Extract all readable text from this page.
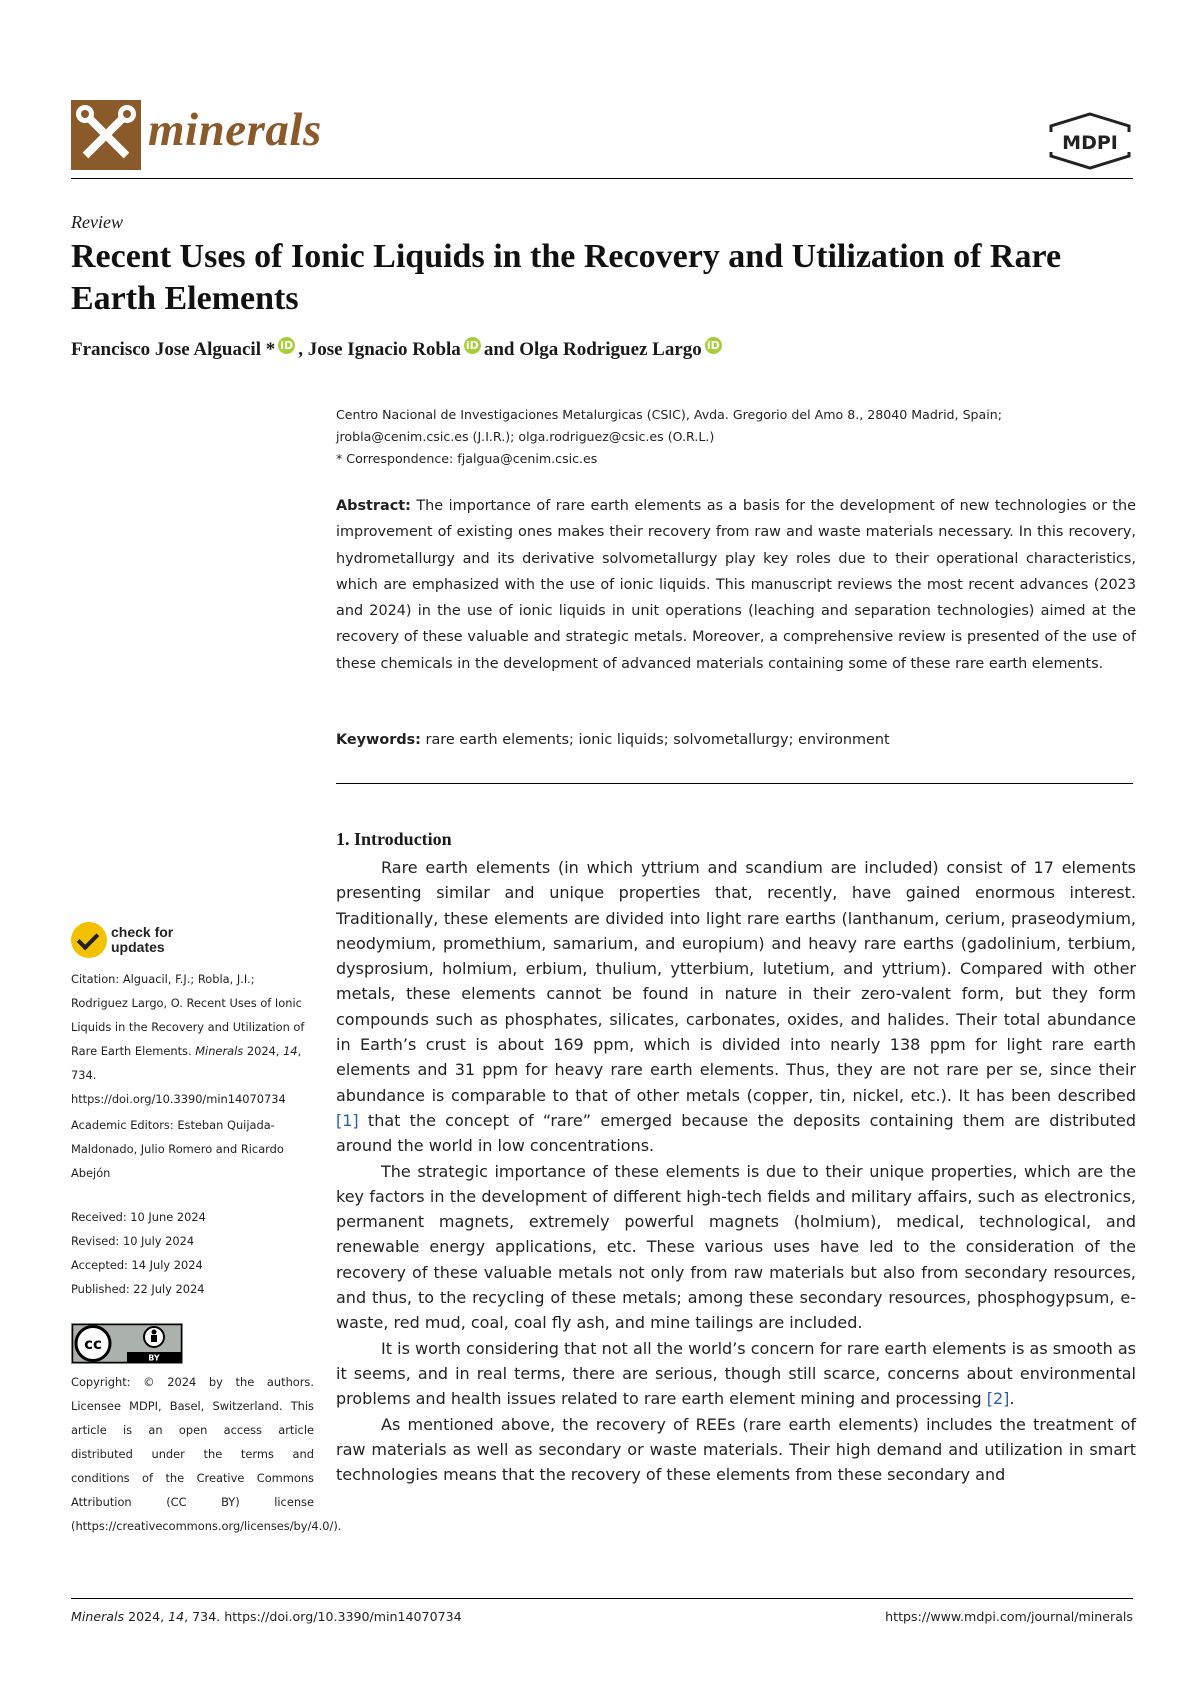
minerals	MDPI
Review
Recent Uses of Ionic Liquids in the Recovery and Utilization of Rare Earth Elements
Francisco Jose Alguacil * iD , Jose Ignacio Robla iD and Olga Rodriguez Largo iD
Centro Nacional de Investigaciones Metalurgicas (CSIC), Avda. Gregorio del Amo 8., 28040 Madrid, Spain;
jrobla@cenim.csic.es (J.I.R.); olga.rodriguez@csic.es (O.R.L.)
* Correspondence: fjalgua@cenim.csic.es
Abstract: The importance of rare earth elements as a basis for the development of new technologies or the improvement of existing ones makes their recovery from raw and waste materials necessary. In this recovery, hydrometallurgy and its derivative solvometallurgy play key roles due to their operational characteristics, which are emphasized with the use of ionic liquids. This manuscript reviews the most recent advances (2023 and 2024) in the use of ionic liquids in unit operations (leaching and separation technologies) aimed at the recovery of these valuable and strategic metals. Moreover, a comprehensive review is presented of the use of these chemicals in the development of advanced materials containing some of these rare earth elements.
Keywords: rare earth elements; ionic liquids; solvometallurgy; environment
1. Introduction

Rare earth elements (in which yttrium and scandium are included) consist of 17 elements presenting similar and unique properties that, recently, have gained enormous interest. Traditionally, these elements are divided into light rare earths (lanthanum, cerium, praseodymium, neodymium, promethium, samarium, and europium) and heavy rare earths (gadolinium, terbium, dysprosium, holmium, erbium, thulium, ytterbium, lutetium, and yttrium). Compared with other metals, these elements cannot be found in nature in their zero-valent form, but they form compounds such as phosphates, silicates, carbonates, oxides, and halides. Their total abundance in Earth’s crust is about 169 ppm, which is divided into nearly 138 ppm for light rare earth elements and 31 ppm for heavy rare earth elements. Thus, they are not rare per se, since their abundance is comparable to that of other metals (copper, tin, nickel, etc.). It has been described [1] that the concept of “rare” emerged because the deposits containing them are distributed around the world in low concentrations.

The strategic importance of these elements is due to their unique properties, which are the key factors in the development of different high-tech fields and military affairs, such as electronics, permanent magnets, extremely powerful magnets (holmium), medical, technological, and renewable energy applications, etc. These various uses have led to the consideration of the recovery of these valuable metals not only from raw materials but also from secondary resources, and thus, to the recycling of these metals; among these secondary resources, phosphogypsum, e-waste, red mud, coal, coal fly ash, and mine tailings are included.

It is worth considering that not all the world’s concern for rare earth elements is as smooth as it seems, and in real terms, there are serious, though still scarce, concerns about environmental problems and health issues related to rare earth element mining and processing [2].

As mentioned above, the recovery of REEs (rare earth elements) includes the treatment of raw materials as well as secondary or waste materials. Their high demand and utilization in smart technologies means that the recovery of these elements from these secondary and

check for
updates
Citation: Alguacil, F.J.; Robla, J.I.; Rodriguez Largo, O. Recent Uses of Ionic Liquids in the Recovery and Utilization of Rare Earth Elements. Minerals 2024, 14, 734. https://doi.org/10.3390/min14070734
Academic Editors: Esteban Quijada-Maldonado, Julio Romero and Ricardo Abejón
Received: 10 June 2024
Revised: 10 July 2024
Accepted: 14 July 2024
Published: 22 July 2024
cc
BY
Copyright: © 2024 by the authors. Licensee MDPI, Basel, Switzerland. This article is an open access article distributed under the terms and conditions of the Creative Commons Attribution (CC BY) license (https://creativecommons.org/licenses/by/4.0/).
Minerals 2024, 14, 734. https://doi.org/10.3390/min14070734	https://www.mdpi.com/journal/minerals
